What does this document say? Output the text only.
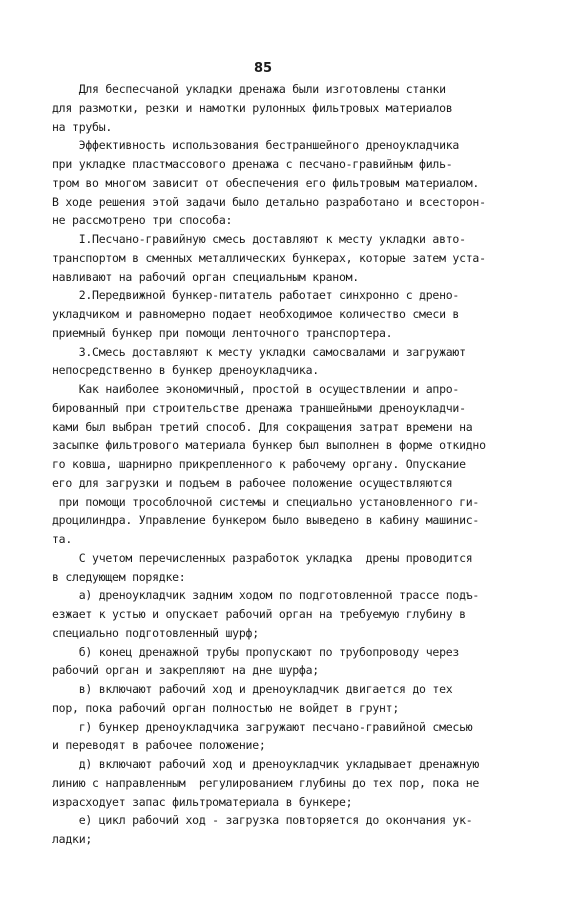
85
Для беспесчаной укладки дренажа были изготовлены станки
для размотки, резки и намотки рулонных фильтровых материалов
на трубы.
Эффективность использования бестраншейного дреноукладчика
при укладке пластмассового дренажа с песчано-гравийным филь-
тром во многом зависит от обеспечения его фильтровым материалом.
В ходе решения этой задачи было детально разработано и всесторон-
не рассмотрено три способа:
I.Песчано-гравийную смесь доставляют к месту укладки авто-
транспортом в сменных металлических бункерах, которые затем уста-
навливают на рабочий орган специальным краном.
2.Передвижной бункер-питатель работает синхронно с дрено-
укладчиком и равномерно подает необходимое количество смеси в
приемный бункер при помощи ленточного транспортера.
3.Смесь доставляют к месту укладки самосвалами и загружают
непосредственно в бункер дреноукладчика.
Как наиболее экономичный, простой в осуществлении и апро-
бированный при строительстве дренажа траншейными дреноукладчи-
ками был выбран третий способ. Для сокращения затрат времени на
засыпке фильтрового материала бункер был выполнен в форме откидно
го ковша, шарнирно прикрепленного к рабочему органу. Опускание
его для загрузки и подъем в рабочее положение осуществляются
при помощи трособлочной системы и специально установленного ги-
дроцилиндра. Управление бункером было выведено в кабину машинис-
та.
С учетом перечисленных разработок укладка  дрены проводится
в следующем порядке:
а) дреноукладчик задним ходом по подготовленной трассе подъ-
езжает к устью и опускает рабочий орган на требуемую глубину в
специально подготовленный шурф;
б) конец дренажной трубы пропускают по трубопроводу через
рабочий орган и закрепляют на дне шурфа;
в) включают рабочий ход и дреноукладчик двигается до тех
пор, пока рабочий орган полностью не войдет в грунт;
г) бункер дреноукладчика загружают песчано-гравийной смесью
и переводят в рабочее положение;
д) включают рабочий ход и дреноукладчик укладывает дренажную
линию с направленным  регулированием глубины до тех пор, пока не
израсходует запас фильтроматериала в бункере;
е) цикл рабочий ход - загрузка повторяется до окончания ук-
ладки;
